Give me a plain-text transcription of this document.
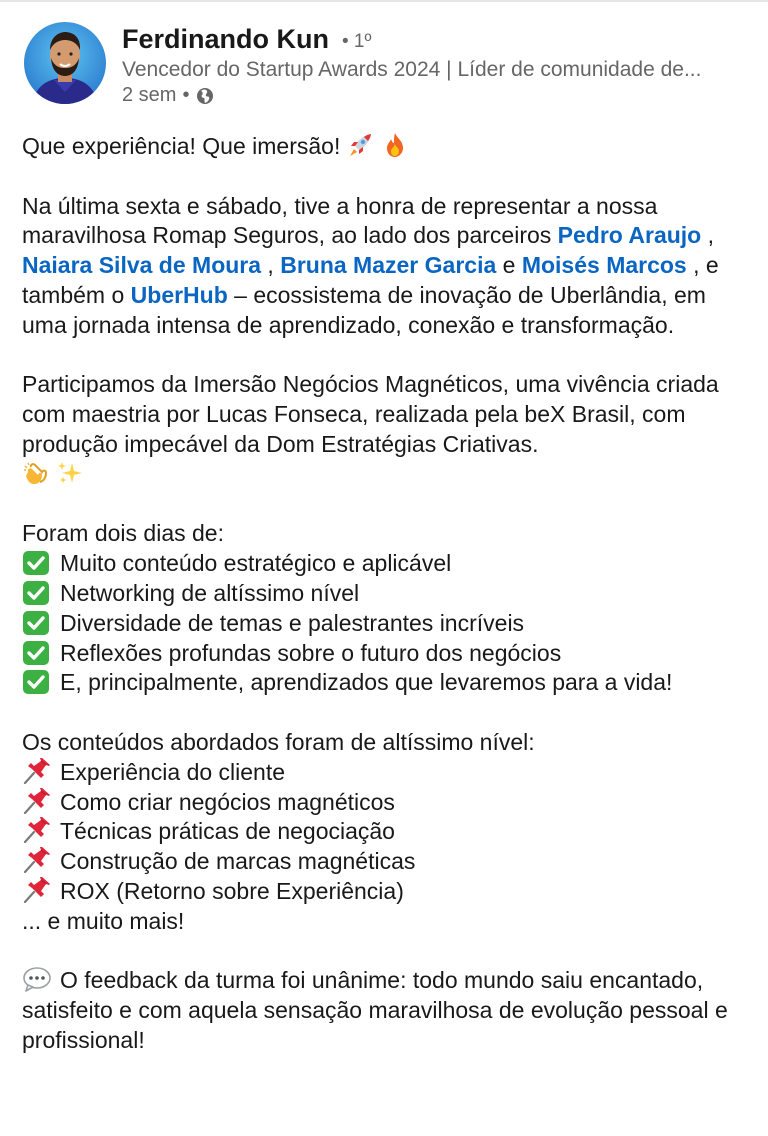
Ferdinando Kun • 1º
Vencedor do Startup Awards 2024 | Líder de comunidade de...
2 sem •

Que experiência! Que imersão!

Na última sexta e sábado, tive a honra de representar a nossa maravilhosa Romap Seguros, ao lado dos parceiros Pedro Araujo , Naiara Silva de Moura , Bruna Mazer Garcia e Moisés Marcos , e também o UberHub – ecossistema de inovação de Uberlândia, em uma jornada intensa de aprendizado, conexão e transformação.

Participamos da Imersão Negócios Magnéticos, uma vivência criada com maestria por Lucas Fonseca, realizada pela beX Brasil, com produção impecável da Dom Estratégias Criativas.

Foram dois dias de:

Muito conteúdo estratégico e aplicável

Networking de altíssimo nível

Diversidade de temas e palestrantes incríveis

Reflexões profundas sobre o futuro dos negócios

E, principalmente, aprendizados que levaremos para a vida!

Os conteúdos abordados foram de altíssimo nível:

Experiência do cliente

Como criar negócios magnéticos

Técnicas práticas de negociação

Construção de marcas magnéticas

ROX (Retorno sobre Experiência)

... e muito mais!

O feedback da turma foi unânime: todo mundo saiu encantado, satisfeito e com aquela sensação maravilhosa de evolução pessoal e profissional!
